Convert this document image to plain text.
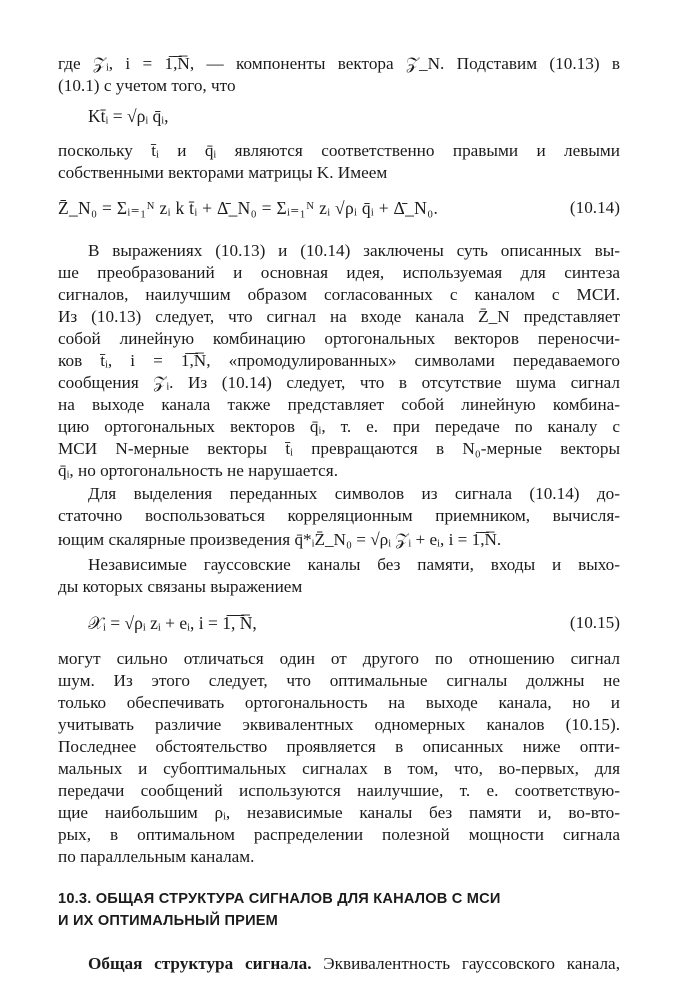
где 𝒵ᵢ, i = 1̅,̅N̅, — компоненты вектора 𝒵_N. Подставим (10.13) в
(10.1) с учетом того, что
Kt̄ᵢ = √ρᵢ q̄ᵢ,
поскольку t̄ᵢ и q̄ᵢ являются соответственно правыми и левыми
собственными векторами матрицы K. Имеем
Z̄̄_N₀ = Σᵢ₌₁ᴺ zᵢ k t̄ᵢ + Δ̄_N₀ = Σᵢ₌₁ᴺ zᵢ √ρᵢ q̄ᵢ + Δ̄_N₀.	(10.14)
В выражениях (10.13) и (10.14) заключены суть описанных вы-
ше преобразований и основная идея, используемая для синтеза
сигналов, наилучшим образом согласованных с каналом с МСИ.
Из (10.13) следует, что сигнал на входе канала Z̄_N представляет
собой линейную комбинацию ортогональных векторов переносчи-
ков t̄ᵢ, i = 1̅,̅N̅, «промодулированных» символами передаваемого
сообщения 𝒵ᵢ. Из (10.14) следует, что в отсутствие шума сигнал
на выходе канала также представляет собой линейную комбина-
цию ортогональных векторов q̄ᵢ, т. е. при передаче по каналу с
МСИ N-мерные векторы t̄ᵢ превращаются в N₀-мерные векторы
q̄ᵢ, но ортогональность не нарушается.
Для выделения переданных символов из сигнала (10.14) до-
статочно воспользоваться корреляционным приемником, вычисля-
ющим скалярные произведения q̄*ᵢZ̄̄_N₀ = √ρᵢ 𝒵ᵢ + eᵢ, i = 1̅,̅N̅.
Независимые гауссовские каналы без памяти, входы и выхо-
ды которых связаны выражением
𝒳ᵢ = √ρᵢ zᵢ + eᵢ, i = 1̅,̅ ̅N̅,	(10.15)
могут сильно отличаться один от другого по отношению сигнал
шум. Из этого следует, что оптимальные сигналы должны не
только обеспечивать ортогональность на выходе канала, но и
учитывать различие эквивалентных одномерных каналов (10.15).
Последнее обстоятельство проявляется в описанных ниже опти-
мальных и субоптимальных сигналах в том, что, во-первых, для
передачи сообщений используются наилучшие, т. е. соответствую-
щие наибольшим ρᵢ, независимые каналы без памяти и, во-вто-
рых, в оптимальном распределении полезной мощности сигнала
по параллельным каналам.
10.3. ОБЩАЯ СТРУКТУРА СИГНАЛОВ ДЛЯ КАНАЛОВ С МСИ
И ИХ ОПТИМАЛЬНЫЙ ПРИЕМ
Общая структура сигнала. Эквивалентность гауссовского канала,
